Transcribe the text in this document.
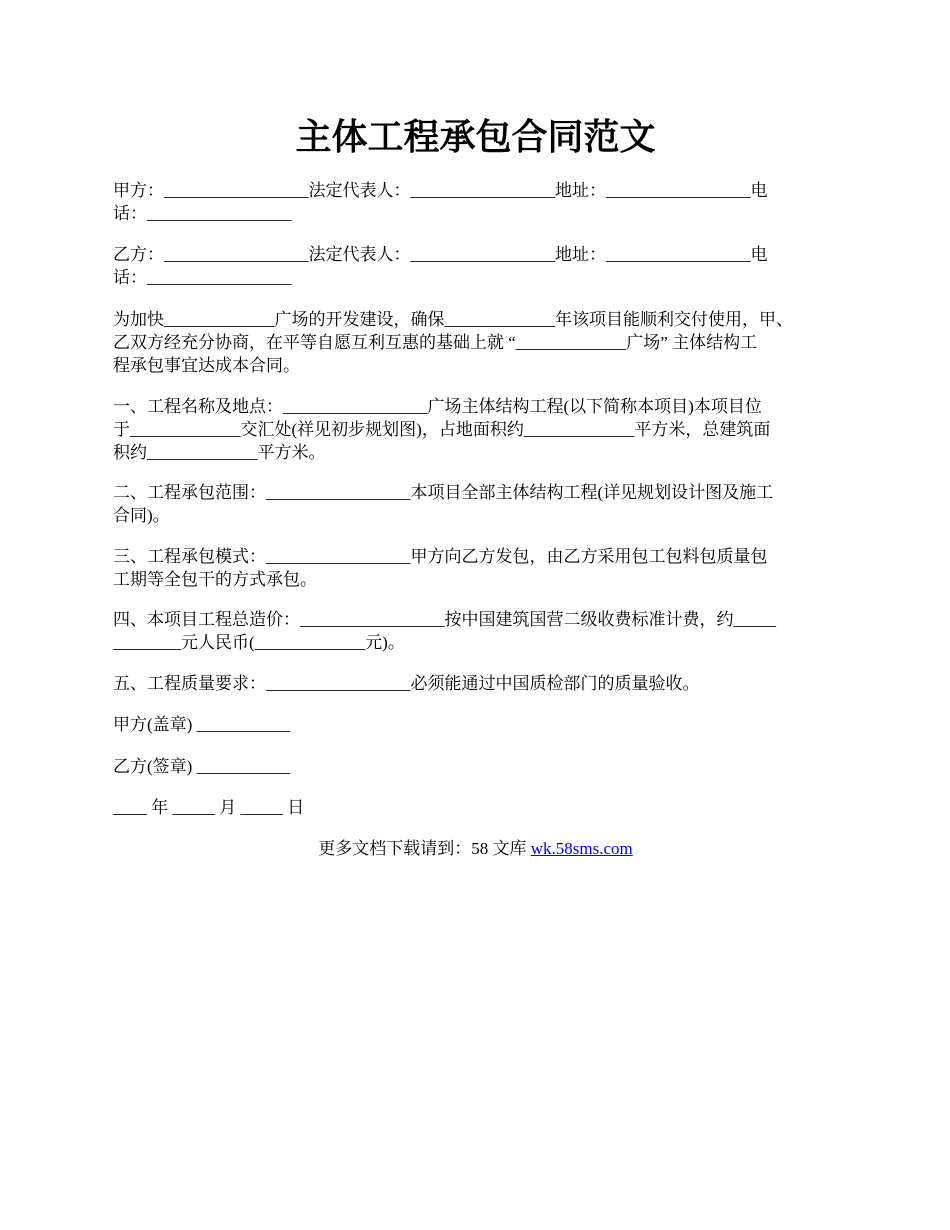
主体工程承包合同范文

甲方：_________________法定代表人：_________________地址：_________________电

话：_________________

乙方：_________________法定代表人：_________________地址：_________________电

话：_________________

为加快_____________广场的开发建设，确保_____________年该项目能顺利交付使用，甲、

乙双方经充分协商，在平等自愿互利互惠的基础上就 “_____________广场” 主体结构工

程承包事宜达成本合同。

一、工程名称及地点：_________________广场主体结构工程(以下简称本项目)本项目位

于_____________交汇处(祥见初步规划图)，占地面积约_____________平方米，总建筑面

积约_____________平方米。

二、工程承包范围：_________________本项目全部主体结构工程(详见规划设计图及施工

合同)。

三、工程承包模式：_________________甲方向乙方发包，由乙方采用包工包料包质量包

工期等全包干的方式承包。

四、本项目工程总造价：_________________按中国建筑国营二级收费标准计费，约_____

________元人民币(_____________元)。

五、工程质量要求：_________________必须能通过中国质检部门的质量验收。

甲方(盖章) ___________

乙方(签章) ___________

____ 年 _____ 月 _____ 日

更多文档下载请到：58 文库 wk.58sms.com
